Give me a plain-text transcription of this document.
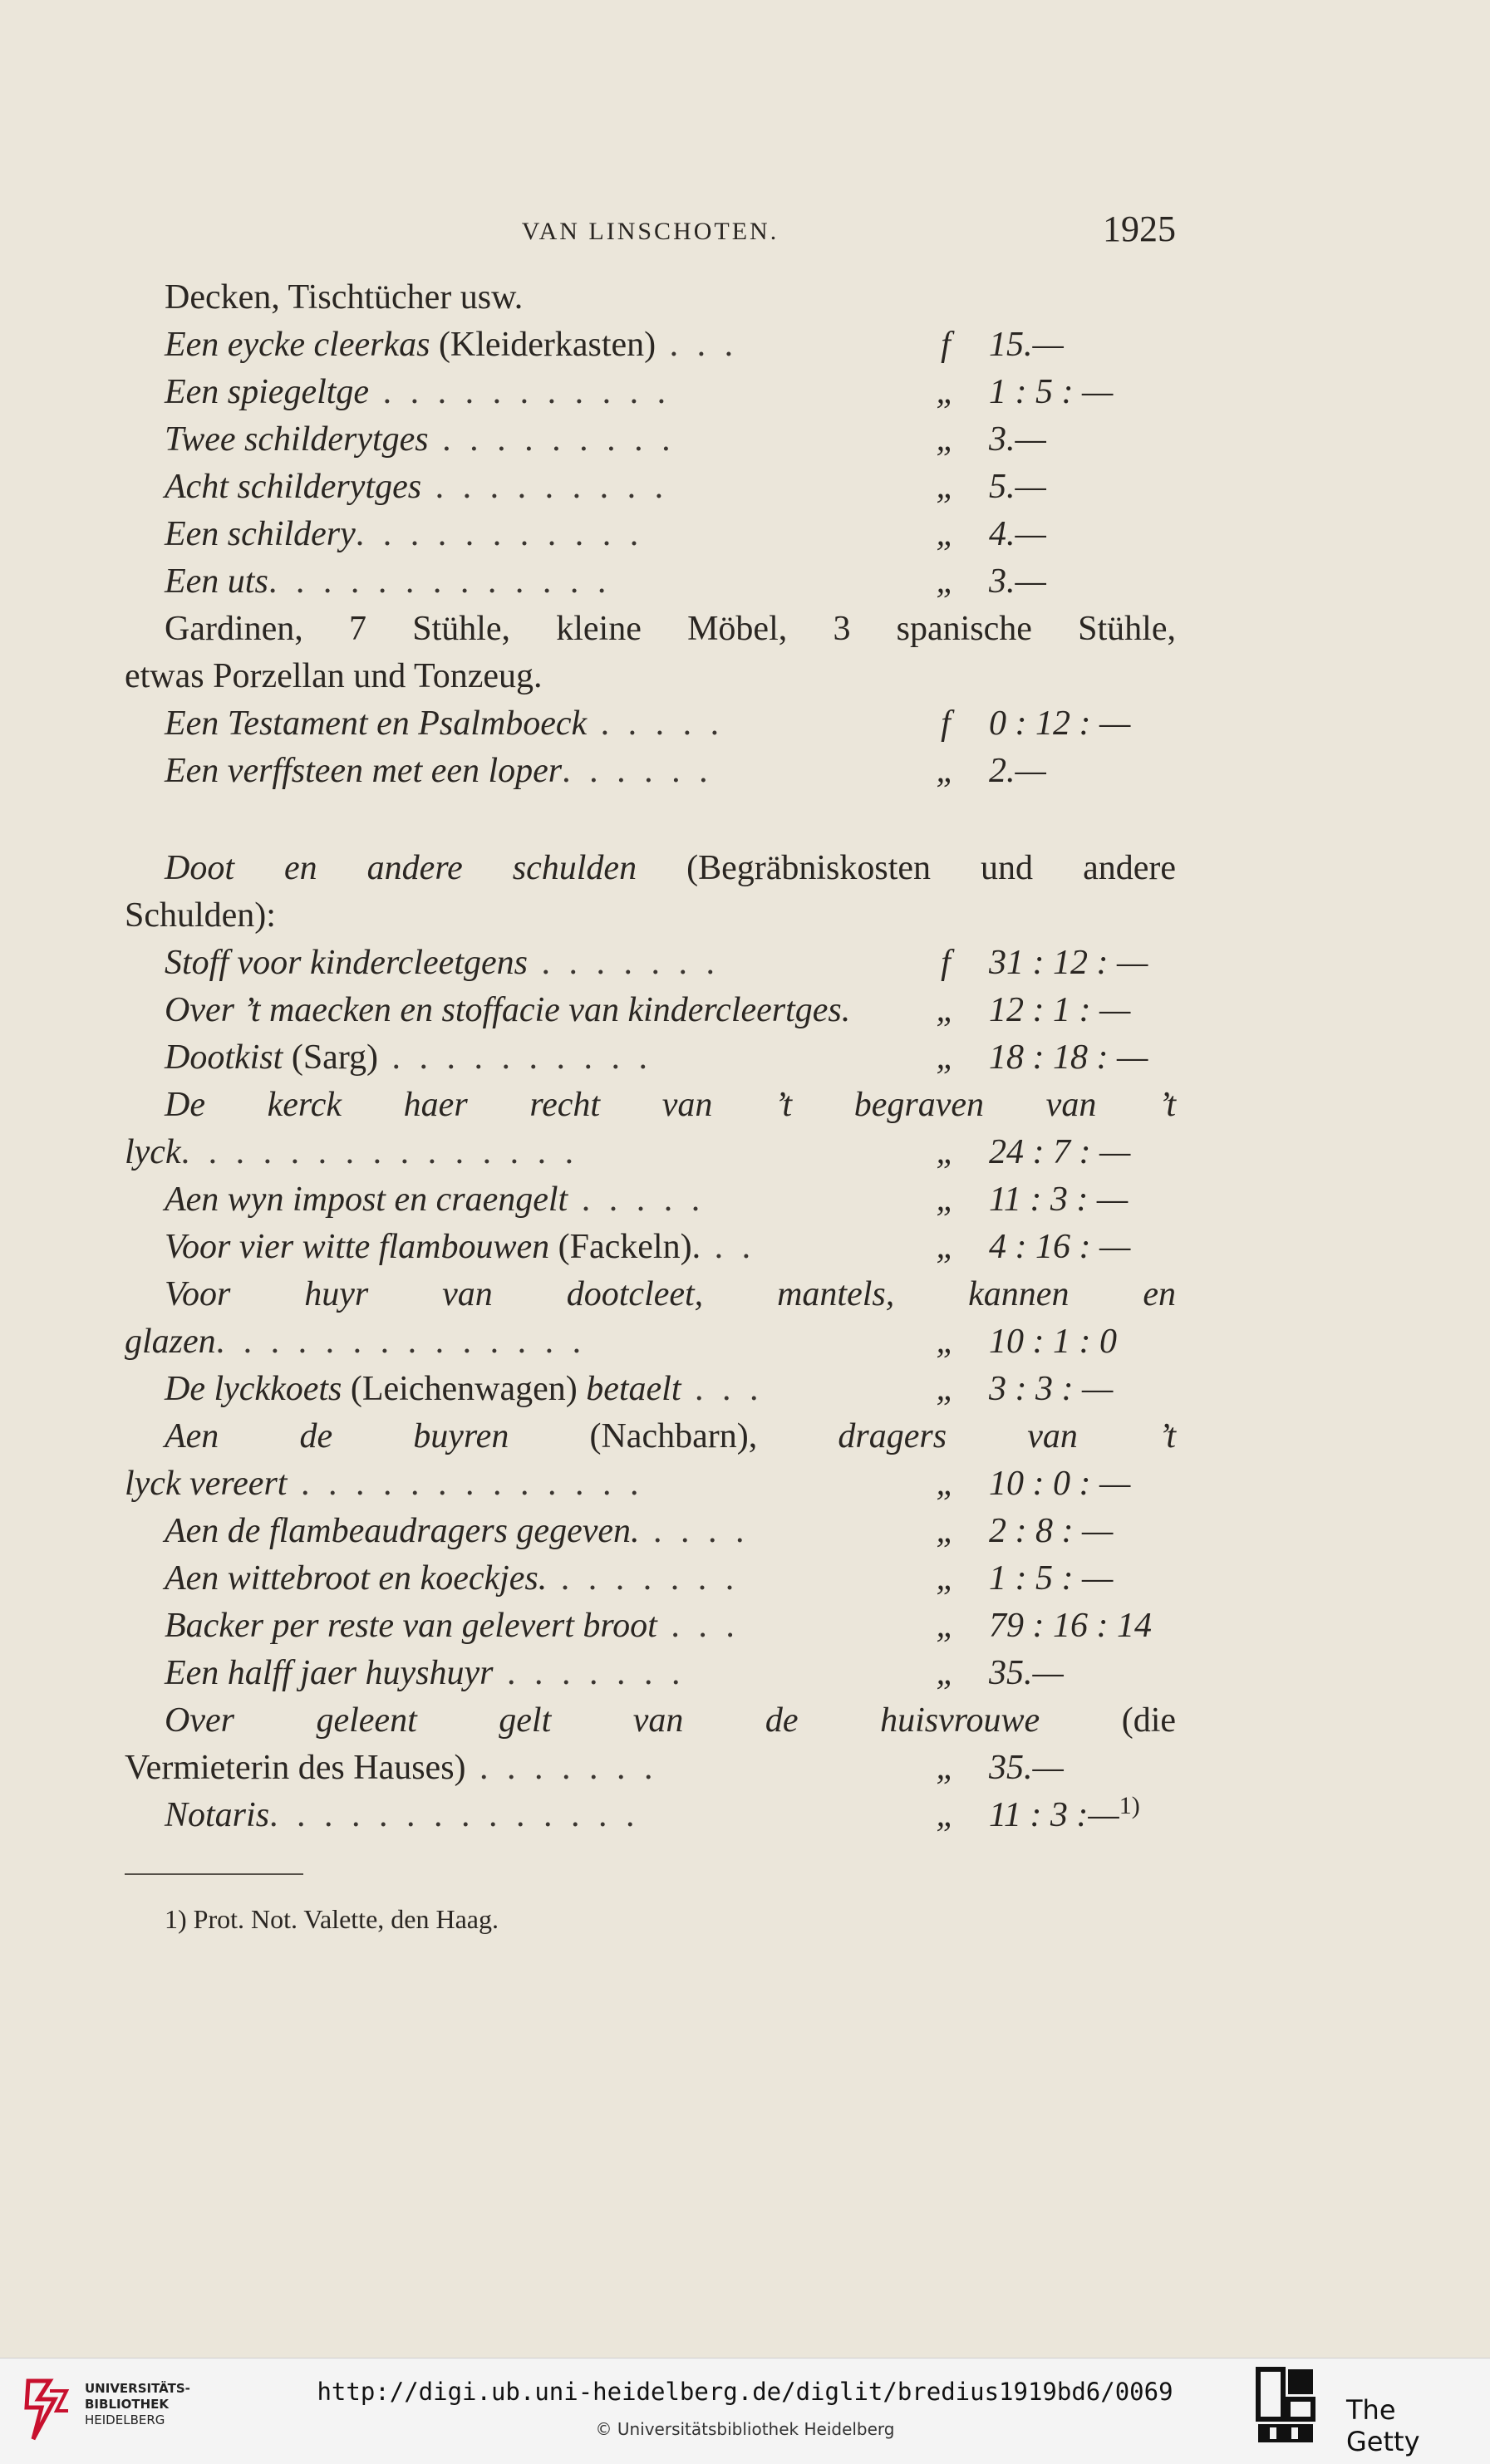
VAN LINSCHOTEN.	1925
Decken, Tischtücher usw.
Een eycke cleerkas (Kleiderkasten) . . .	f	15.—
Een spiegeltge . . . . . . . . . . .	„ 1 : 5 : —
Twee schilderytges . . . . . . . . .	„ 3.—
Acht schilderytges . . . . . . . . .	„ 5.—
Een schildery. . . . . . . . . . .	„ 4.—
Een uts. . . . . . . . . . . . .	„ 3.—
Gardinen, 7 Stühle, kleine Möbel, 3 spanische Stühle,
etwas Porzellan und Tonzeug.
Een Testament en Psalmboeck . . . . .	f	0 : 12 : —
Een verffsteen met een loper. . . . . .	„ 2.—
Doot en andere schulden (Begräbniskosten und andere
Schulden):
Stoff voor kindercleetgens . . . . . . .	f	31 : 12 : —
Over ’t maecken en stoffacie van kindercleertges. „ 12 : 1 : —
Dootkist (Sarg) . . . . . . . . . .	„ 18 : 18 : —
De kerck haer recht van ’t begraven van ’t
lyck. . . . . . . . . . . . . . .	„ 24 : 7 : —
Aen wyn impost en craengelt . . . . .	„ 11 : 3 : —
Voor vier witte flambouwen (Fackeln). . .	„ 4 : 16 : —
Voor huyr van dootcleet, mantels, kannen en
glazen. . . . . . . . . . . . . .	„ 10 : 1 : 0
De lyckkoets (Leichenwagen) betaelt . . .	„ 3 : 3 : —
Aen de buyren (Nachbarn), dragers van ’t
lyck vereert . . . . . . . . . . . . .	„ 10 : 0 : —
Aen de flambeaudragers gegeven. . . . .	„ 2 : 8 : —
Aen wittebroot en koeckjes. . . . . . . .	„ 1 : 5 : —
Backer per reste van gelevert broot . . .	„ 79 : 16 : 14
Een halff jaer huyshuyr . . . . . . .	„ 35.—
Over geleent gelt van de huisvrouwe (die
Vermieterin des Hauses) . . . . . . .	„ 35.—
Notaris. . . . . . . . . . . . . .	„ 11 : 3 :—$^{1)}$
1) Prot. Not. Valette, den Haag.
UNIVERSITÄTS-
BIBLIOTHEK
HEIDELBERG
http://digi.ub.uni-heidelberg.de/diglit/bredius1919bd6/0069
© Universitätsbibliothek Heidelberg
The Getty
